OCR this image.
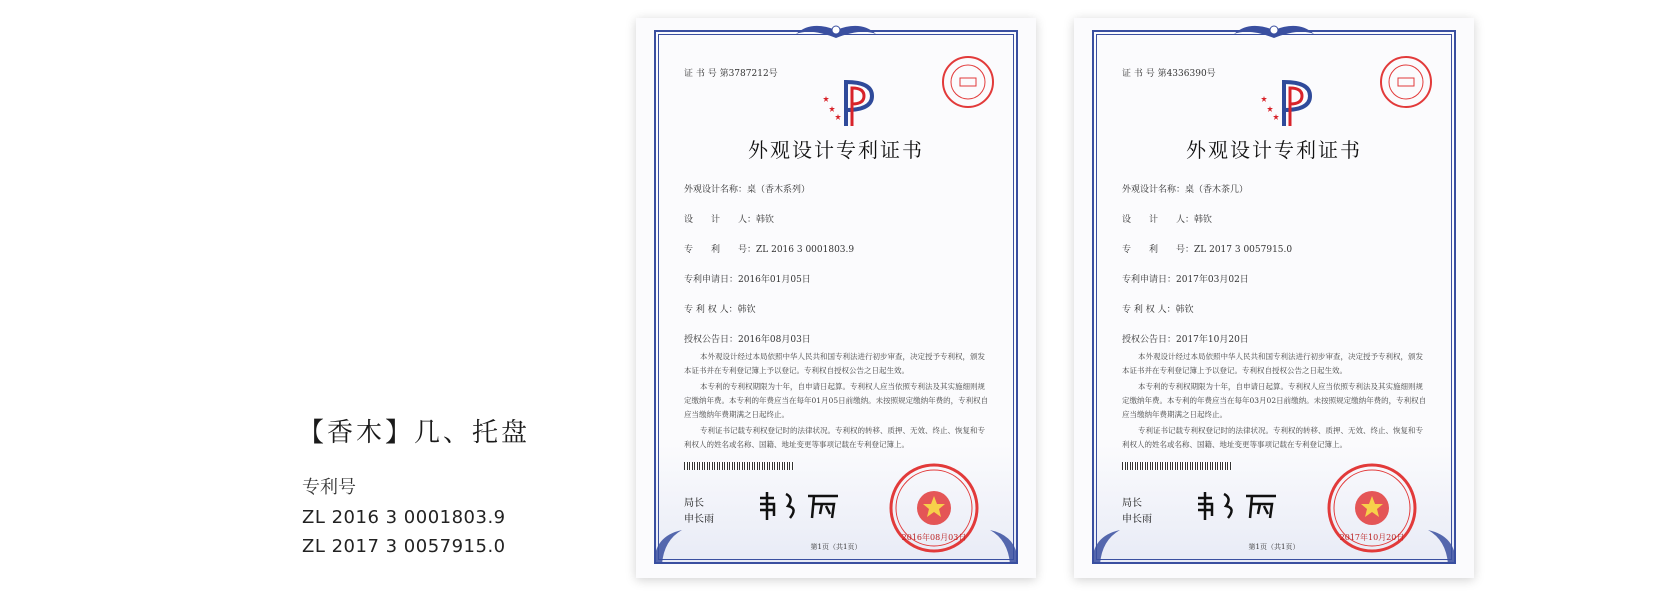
【香木】几、托盘
专利号
ZL 2016 3 0001803.9
ZL 2017 3 0057915.0
证 书 号 第3787212号
外观设计专利证书
外观设计名称：桌（香木系列）
设　　计　　人：韩钦
专　　利　　号：ZL 2016 3 0001803.9
专利申请日：2016年01月05日
专 利 权 人：韩钦
授权公告日：2016年08月03日

本外观设计经过本局依照中华人民共和国专利法进行初步审查，决定授予专利权，颁发本证书并在专利登记簿上予以登记。专利权自授权公告之日起生效。

本专利的专利权期限为十年，自申请日起算。专利权人应当依照专利法及其实施细则规定缴纳年费。本专利的年费应当在每年01月05日前缴纳。未按照规定缴纳年费的，专利权自应当缴纳年费期满之日起终止。

专利证书记载专利权登记时的法律状况。专利权的转移、质押、无效、终止、恢复和专利权人的姓名或名称、国籍、地址变更等事项记载在专利登记簿上。

局长
申长雨
2016年08月03日
第1页（共1页）
证 书 号 第4336390号
外观设计专利证书
外观设计名称：桌（香木茶几）
设　　计　　人：韩钦
专　　利　　号：ZL 2017 3 0057915.0
专利申请日：2017年03月02日
专 利 权 人：韩钦
授权公告日：2017年10月20日

本外观设计经过本局依照中华人民共和国专利法进行初步审查，决定授予专利权，颁发本证书并在专利登记簿上予以登记。专利权自授权公告之日起生效。

本专利的专利权期限为十年，自申请日起算。专利权人应当依照专利法及其实施细则规定缴纳年费。本专利的年费应当在每年03月02日前缴纳。未按照规定缴纳年费的，专利权自应当缴纳年费期满之日起终止。

专利证书记载专利权登记时的法律状况。专利权的转移、质押、无效、终止、恢复和专利权人的姓名或名称、国籍、地址变更等事项记载在专利登记簿上。

局长
申长雨
2017年10月20日
第1页（共1页）
